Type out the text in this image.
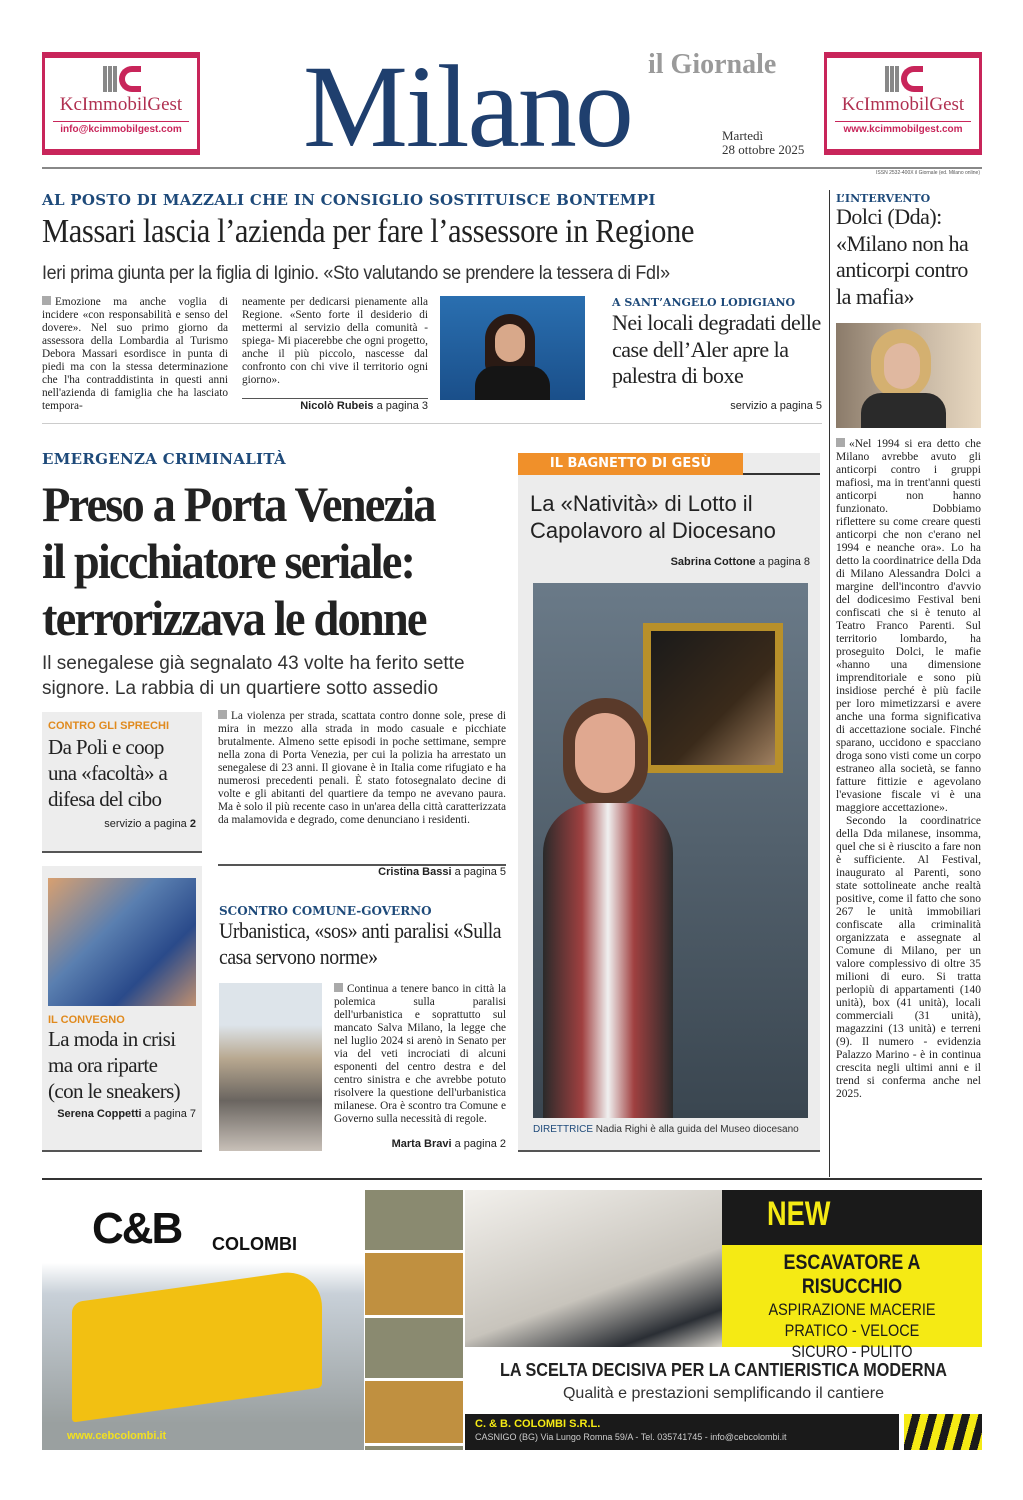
KcImmobilGest
info@kcimmobilgest.com
il Giornale
Milano	Martedì
28 ottobre 2025
KcImmobilGest
www.kcimmobilgest.com
ISSN 2532-400X il Giornale (ed. Milano online)
AL POSTO DI MAZZALI CHE IN CONSIGLIO SOSTITUISCE BONTEMPI
Massari lascia l’azienda per fare l’assessore in Regione
Ieri prima giunta per la figlia di Iginio. «Sto valutando se prendere la tessera di FdI»
Emozione ma anche voglia di incidere «con responsabilità e senso del dovere». Nel suo primo giorno da assessora della Lombardia al Turismo Debora Massari esordisce in punta di piedi ma con la stessa determinazione che l'ha contraddistinta in questi anni nell'azienda di famiglia che ha lasciato tempora-
neamente per dedicarsi pienamente alla Regione. «Sento forte il desiderio di mettermi al servizio della comunità - spiega- Mi piacerebbe che ogni progetto, anche il più piccolo, nascesse dal confronto con chi vive il territorio ogni giorno».
Nicolò Rubeis a pagina 3
A SANT’ANGELO LODIGIANO
Nei locali degradati delle case dell’Aler apre la palestra di boxe
servizio a pagina 5
L’INTERVENTO
Dolci (Dda): «Milano non ha anticorpi contro la mafia»

«Nel 1994 si era detto che Milano avrebbe avuto gli anticorpi contro i gruppi mafiosi, ma in trent'anni questi anticorpi non hanno funzionato. Dobbiamo riflettere su come creare questi anticorpi che non c'erano nel 1994 e neanche ora». Lo ha detto la coordinatrice della Dda di Milano Alessandra Dolci a margine dell'incontro d'avvio del dodicesimo Festival beni confiscati che si è tenuto al Teatro Franco Parenti. Sul territorio lombardo, ha proseguito Dolci, le mafie «hanno una dimensione imprenditoriale e sono più insidiose perché è più facile per loro mimetizzarsi e avere anche una forma significativa di accettazione sociale. Finché sparano, uccidono e spacciano droga sono visti come un corpo estraneo alla società, se fanno fatture fittizie e agevolano l'evasione fiscale vi è una maggiore accettazione».

Secondo la coordinatrice della Dda milanese, insomma, quel che si è riuscito a fare non è sufficiente. Al Festival, inaugurato al Parenti, sono state sottolineate anche realtà positive, come il fatto che sono 267 le unità immobiliari confiscate alla criminalità organizzata e assegnate al Comune di Milano, per un valore complessivo di oltre 35 milioni di euro. Si tratta perlopiù di appartamenti (140 unità), box (41 unità), locali commerciali (31 unità), magazzini (13 unità) e terreni (9). Il numero - evidenzia Palazzo Marino - è in continua crescita negli ultimi anni e il trend si conferma anche nel 2025.

EMERGENZA CRIMINALITÀ
Preso a Porta Venezia
il picchiatore seriale:
terrorizzava le donne
Il senegalese già segnalato 43 volte ha ferito sette signore. La rabbia di un quartiere sotto assedio
La violenza per strada, scattata contro donne sole, prese di mira in mezzo alla strada in modo casuale e picchiate brutalmente. Almeno sette episodi in poche settimane, sempre nella zona di Porta Venezia, per cui la polizia ha arrestato un senegalese di 23 anni. Il giovane è in Italia come rifugiato e ha numerosi precedenti penali. È stato fotosegnalato decine di volte e gli abitanti del quartiere da tempo ne avevano paura. Ma è solo il più recente caso in un'area della città caratterizzata da malamovida e degrado, come denunciano i residenti.
Cristina Bassi a pagina 5
CONTRO GLI SPRECHI
Da Poli e coop una «facoltà» a difesa del cibo
servizio a pagina 2
IL CONVEGNO
La moda in crisi ma ora riparte (con le sneakers)
Serena Coppetti a pagina 7
SCONTRO COMUNE-GOVERNO
Urbanistica, «sos» anti paralisi «Sulla casa servono norme»
Continua a tenere banco in città la polemica sulla paralisi dell'urbanistica e soprattutto sul mancato Salva Milano, la legge che nel luglio 2024 si arenò in Senato per via del veti incrociati di alcuni esponenti del centro destra e del centro sinistra e che avrebbe potuto risolvere la questione dell'urbanistica milanese. Ora è scontro tra Comune e Governo sulla necessità di regole.
Marta Bravi a pagina 2
IL BAGNETTO DI GESÙ
La «Natività» di Lotto il Capolavoro al Diocesano
Sabrina Cottone a pagina 8
DIRETTRICE Nadia Righi è alla guida del Museo diocesano
C&B COLOMBI
www.cebcolombi.it
NEW
ESCAVATORE A RISUCCHIO
ASPIRAZIONE MACERIE
PRATICO - VELOCE
SICURO - PULITO
LA SCELTA DECISIVA PER LA CANTIERISTICA MODERNA
Qualità e prestazioni semplificando il cantiere
C. & B. COLOMBI S.R.L.
CASNIGO (BG) Via Lungo Romna 59/A - Tel. 035741745 - info@cebcolombi.it
